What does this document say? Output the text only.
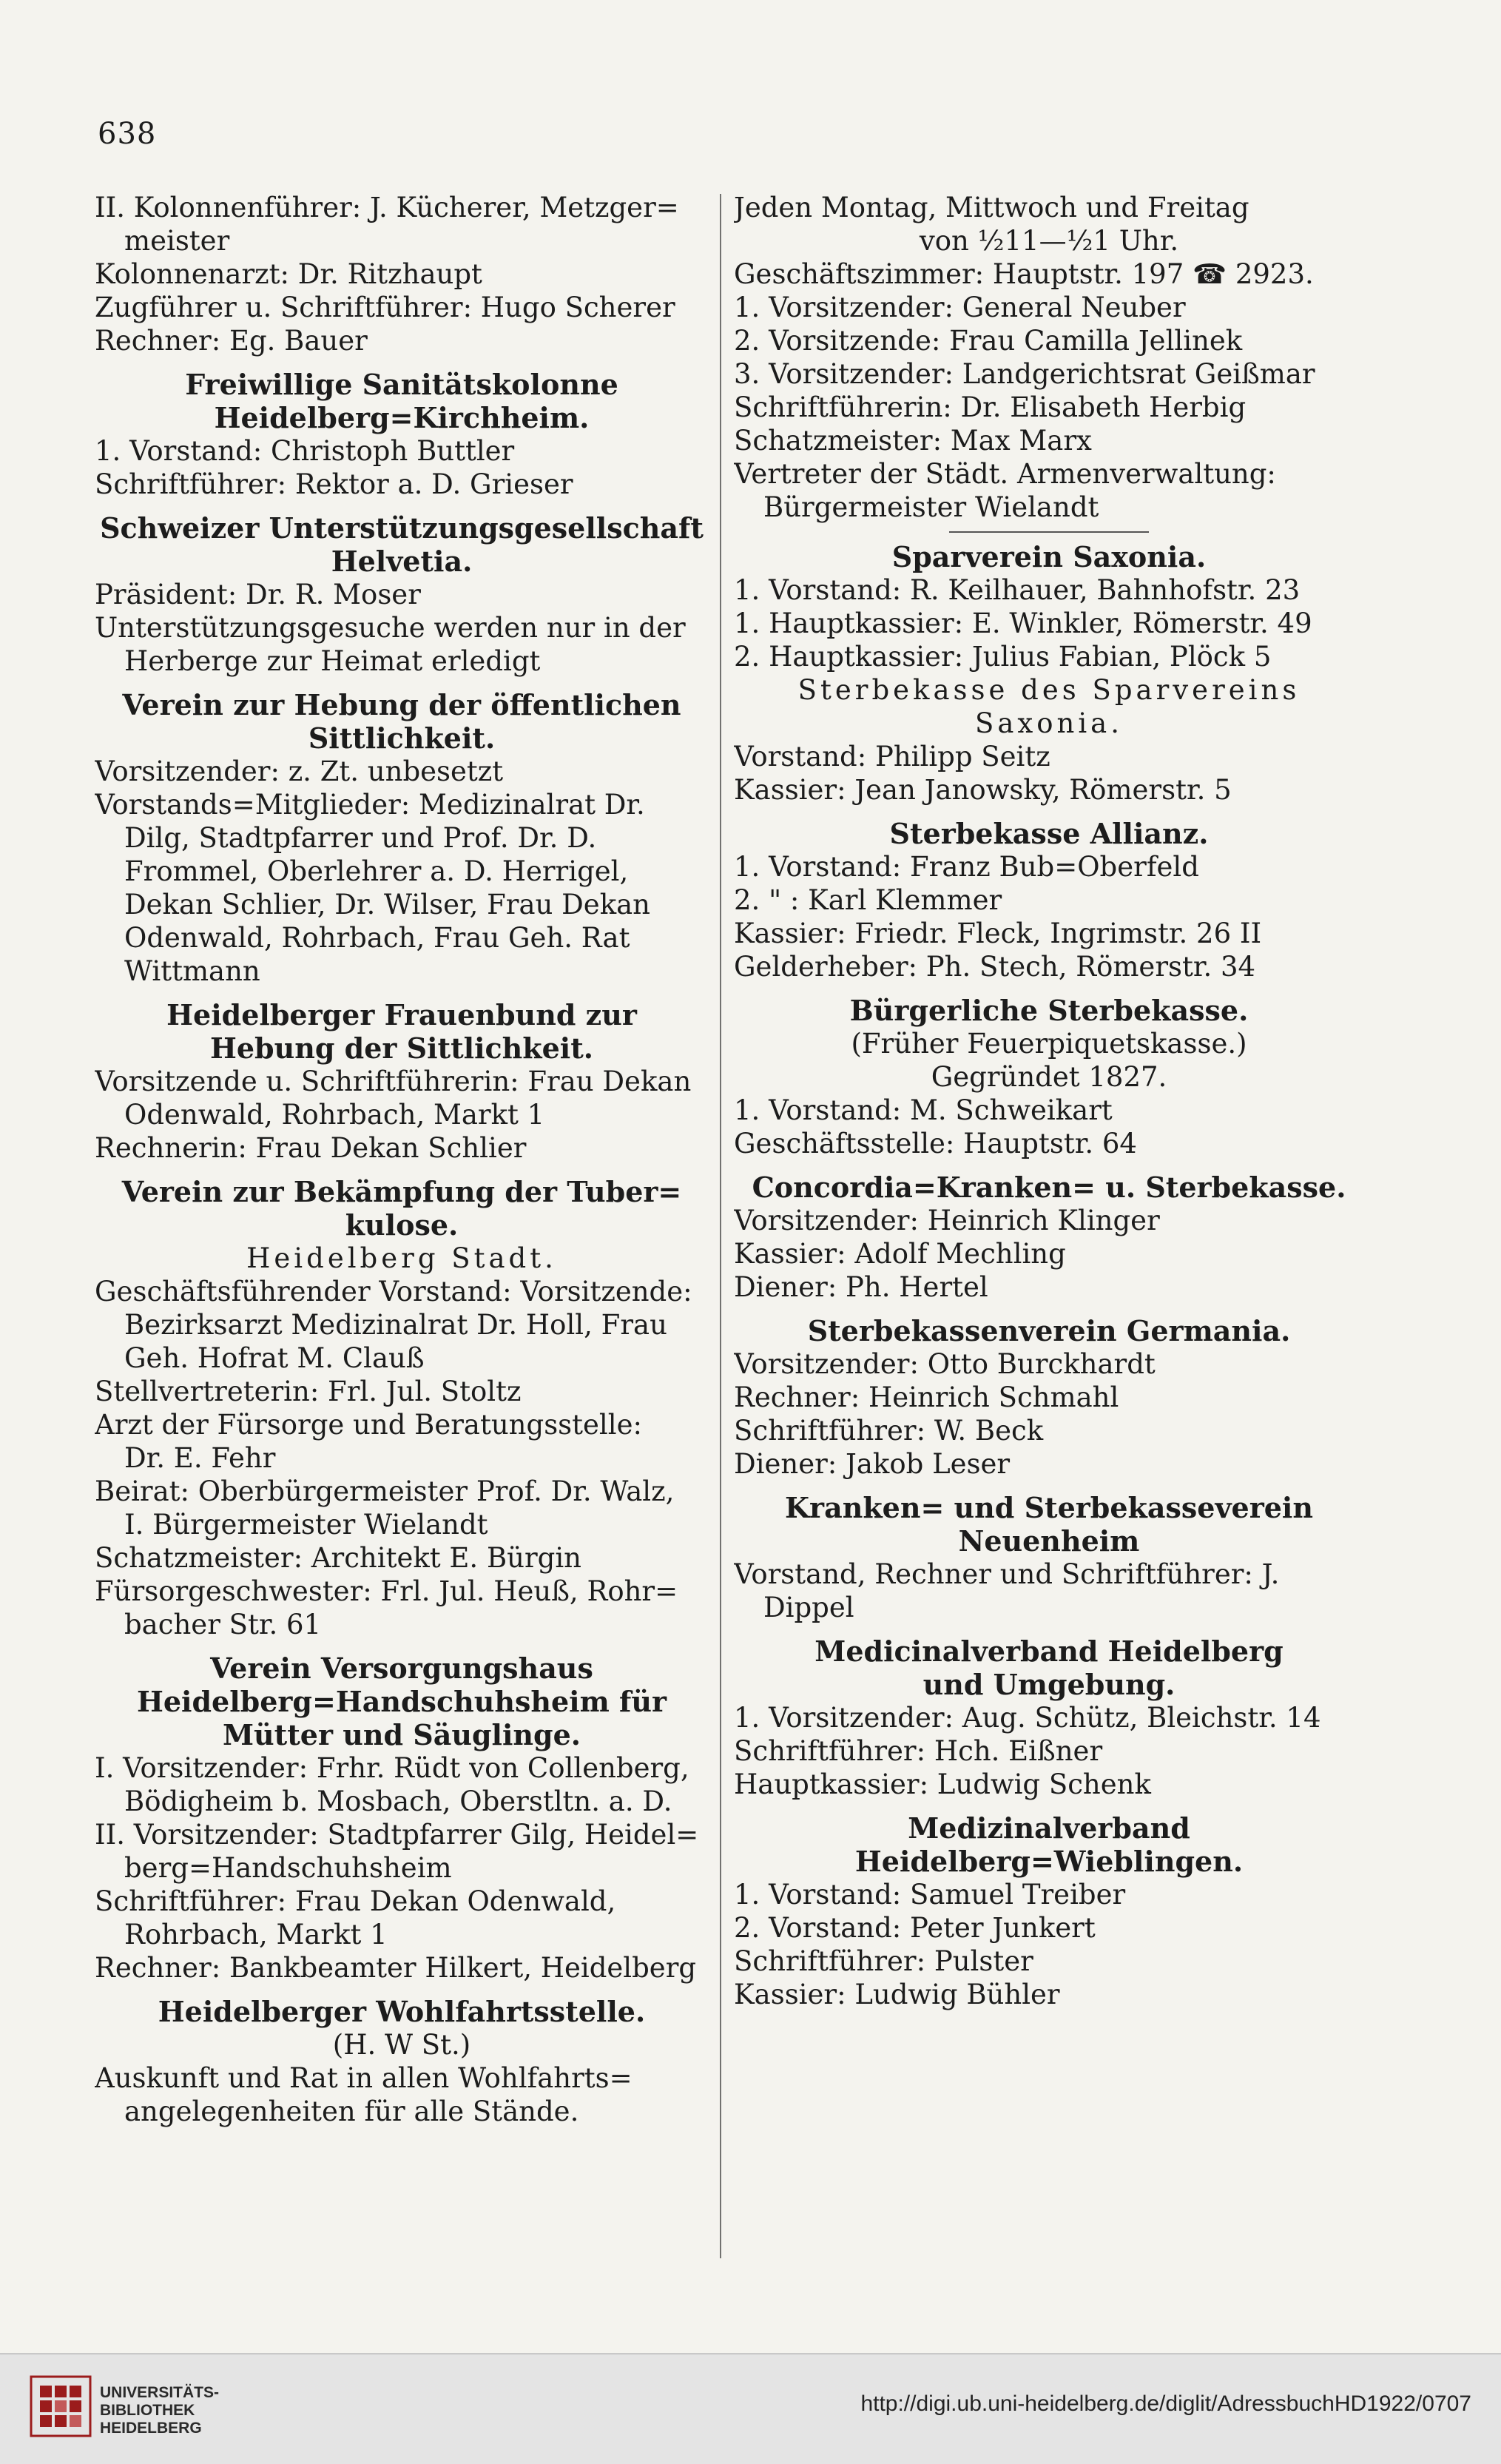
638
II. Kolonnenführer: J. Kücherer, Metzger=
meister
Kolonnenarzt: Dr. Ritzhaupt
Zugführer u. Schriftführer: Hugo Scherer
Rechner: Eg. Bauer
Freiwillige Sanitätskolonne
Heidelberg=Kirchheim.
1. Vorstand: Christoph Buttler
Schriftführer: Rektor a. D. Grieser
Schweizer Unterstützungsgesellschaft
Helvetia.
Präsident: Dr. R. Moser
Unterstützungsgesuche werden nur in der
Herberge zur Heimat erledigt
Verein zur Hebung der öffentlichen
Sittlichkeit.
Vorsitzender: z. Zt. unbesetzt
Vorstands=Mitglieder: Medizinalrat Dr.
Dilg, Stadtpfarrer und Prof. Dr. D.
Frommel, Oberlehrer a. D. Herrigel,
Dekan Schlier, Dr. Wilser, Frau Dekan
Odenwald, Rohrbach, Frau Geh. Rat
Wittmann
Heidelberger Frauenbund zur
Hebung der Sittlichkeit.
Vorsitzende u. Schriftführerin: Frau Dekan
Odenwald, Rohrbach, Markt 1
Rechnerin: Frau Dekan Schlier
Verein zur Bekämpfung der Tuber=
kulose.
Heidelberg Stadt.
Geschäftsführender Vorstand: Vorsitzende:
Bezirksarzt Medizinalrat Dr. Holl, Frau
Geh. Hofrat M. Clauß
Stellvertreterin: Frl. Jul. Stoltz
Arzt der Fürsorge und Beratungsstelle:
Dr. E. Fehr
Beirat: Oberbürgermeister Prof. Dr. Walz,
I. Bürgermeister Wielandt
Schatzmeister: Architekt E. Bürgin
Fürsorgeschwester: Frl. Jul. Heuß, Rohr=
bacher Str. 61
Verein Versorgungshaus
Heidelberg=Handschuhsheim für
Mütter und Säuglinge.
I. Vorsitzender: Frhr. Rüdt von Collenberg,
Bödigheim b. Mosbach, Oberstltn. a. D.
II. Vorsitzender: Stadtpfarrer Gilg, Heidel=
berg=Handschuhsheim
Schriftführer: Frau Dekan Odenwald,
Rohrbach, Markt 1
Rechner: Bankbeamter Hilkert, Heidelberg
Heidelberger Wohlfahrtsstelle.
(H. W St.)
Auskunft und Rat in allen Wohlfahrts=
angelegenheiten für alle Stände.
Jeden Montag, Mittwoch und Freitag
von ½11—½1 Uhr.
Geschäftszimmer: Hauptstr. 197 ☎ 2923.
1. Vorsitzender: General Neuber
2. Vorsitzende: Frau Camilla Jellinek
3. Vorsitzender: Landgerichtsrat Geißmar
Schriftführerin: Dr. Elisabeth Herbig
Schatzmeister: Max Marx
Vertreter der Städt. Armenverwaltung:
Bürgermeister Wielandt
Sparverein Saxonia.
1. Vorstand: R. Keilhauer, Bahnhofstr. 23
1. Hauptkassier: E. Winkler, Römerstr. 49
2. Hauptkassier: Julius Fabian, Plöck 5
Sterbekasse des Sparvereins
Saxonia.
Vorstand: Philipp Seitz
Kassier: Jean Janowsky, Römerstr. 5
Sterbekasse Allianz.
1. Vorstand: Franz Bub=Oberfeld
2. " : Karl Klemmer
Kassier: Friedr. Fleck, Ingrimstr. 26 II
Gelderheber: Ph. Stech, Römerstr. 34
Bürgerliche Sterbekasse.
(Früher Feuerpiquetskasse.)
Gegründet 1827.
1. Vorstand: M. Schweikart
Geschäftsstelle: Hauptstr. 64
Concordia=Kranken= u. Sterbekasse.
Vorsitzender: Heinrich Klinger
Kassier: Adolf Mechling
Diener: Ph. Hertel
Sterbekassenverein Germania.
Vorsitzender: Otto Burckhardt
Rechner: Heinrich Schmahl
Schriftführer: W. Beck
Diener: Jakob Leser
Kranken= und Sterbekasseverein
Neuenheim
Vorstand, Rechner und Schriftführer: J.
Dippel
Medicinalverband Heidelberg
und Umgebung.
1. Vorsitzender: Aug. Schütz, Bleichstr. 14
Schriftführer: Hch. Eißner
Hauptkassier: Ludwig Schenk
Medizinalverband
Heidelberg=Wieblingen.
1. Vorstand: Samuel Treiber
2. Vorstand: Peter Junkert
Schriftführer: Pulster
Kassier: Ludwig Bühler
UNIVERSITÄTS-
BIBLIOTHEK
HEIDELBERG
http://digi.ub.uni-heidelberg.de/diglit/AdressbuchHD1922/0707
